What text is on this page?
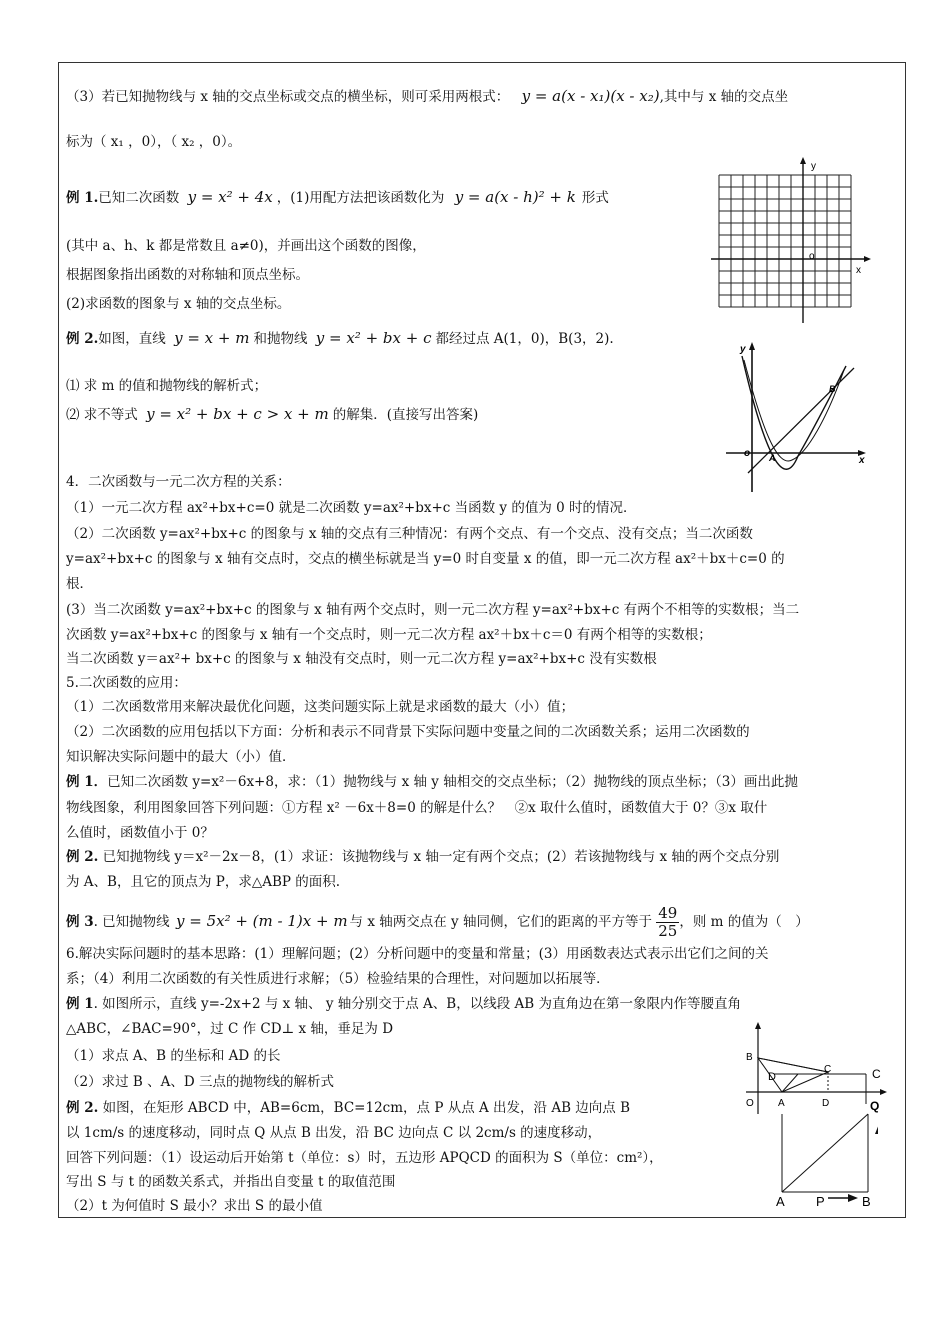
（3）若已知抛物线与 x 轴的交点坐标或交点的横坐标，则可采用两根式： y = a(x - x₁)(x - x₂),其中与 x 轴的交点坐
标为（ x₁ ，0），（ x₂ ，0）。
例 1.已知二次函数 y = x² + 4x ，(1)用配方法把该函数化为 y = a(x - h)² + k 形式
(其中 a、h、k 都是常数且 a≠0)，并画出这个函数的图像，
根据图象指出函数的对称轴和顶点坐标。
(2)求函数的图象与 x 轴的交点坐标。
y
x
o
例 2.如图，直线 y = x + m 和抛物线 y = x² + bx + c 都经过点 A(1，0)，B(3，2).
⑴ 求 m 的值和抛物线的解析式；
⑵ 求不等式 y = x² + bx + c > x + m 的解集．(直接写出答案)
y
x
o A
B
4．二次函数与一元二次方程的关系：
（1）一元二次方程 ax²+bx+c=0 就是二次函数 y=ax²+bx+c 当函数 y 的值为 0 时的情况．
（2）二次函数 y=ax²+bx+c 的图象与 x 轴的交点有三种情况：有两个交点、有一个交点、没有交点；当二次函数
y=ax²+bx+c 的图象与 x 轴有交点时，交点的横坐标就是当 y=0 时自变量 x 的值，即一元二次方程 ax²＋bx＋c=0 的
根．
(3）当二次函数 y=ax²+bx+c 的图象与 x 轴有两个交点时，则一元二次方程 y=ax²+bx+c 有两个不相等的实数根；当二
次函数 y=ax²+bx+c 的图象与 x 轴有一个交点时，则一元二次方程 ax²＋bx＋c＝0 有两个相等的实数根；
当二次函数 y＝ax²+ bx+c 的图象与 x 轴没有交点时，则一元二次方程 y=ax²+bx+c 没有实数根
5.二次函数的应用：
（1）二次函数常用来解决最优化问题，这类问题实际上就是求函数的最大（小）值；
（2）二次函数的应用包括以下方面：分析和表示不同背景下实际问题中变量之间的二次函数关系；运用二次函数的
知识解决实际问题中的最大（小）值．
例 1．已知二次函数 y=x²－6x+8，求：（1）抛物线与 x 轴 y 轴相交的交点坐标；（2）抛物线的顶点坐标；（3）画出此抛
物线图象，利用图象回答下列问题：①方程 x² －6x＋8=0 的解是什么？　②x 取什么值时，函数值大于 0？③x 取什
么值时，函数值小于 0？
例 2. 已知抛物线 y＝x²－2x－8，(1）求证：该抛物线与 x 轴一定有两个交点；(2）若该抛物线与 x 轴的两个交点分别
为 A、B，且它的顶点为 P，求△ABP 的面积.
例 3. 已知抛物线 y = 5x² + (m - 1)x + m 与 x 轴两交点在 y 轴同侧，它们的距离的平方等于 $\frac{49}{25}$ ，则 m 的值为（　）
6.解决实际问题时的基本思路：(1）理解问题；(2）分析问题中的变量和常量；(3）用函数表达式表示出它们之间的关
系；（4）利用二次函数的有关性质进行求解；（5）检验结果的合理性，对问题加以拓展等．
例 1. 如图所示，直线 y=-2x+2 与 x 轴、 y 轴分别交于点 A、B，以线段 AB 为直角边在第一象限内作等腰直角
△ABC，∠BAC=90°，过 C 作 CD⊥ x 轴，垂足为 D
（1）求点 A、B 的坐标和 AD 的长
（2）求过 B 、A、D 三点的抛物线的解析式
例 2. 如图，在矩形 ABCD 中，AB=6cm，BC=12cm，点 P 从点 A 出发，沿 AB 边向点 B
以 1cm/s 的速度移动，同时点 Q 从点 B 出发，沿 BC 边向点 C 以 2cm/s 的速度移动，
回答下列问题：（1）设运动后开始第 t（单位：s）时，五边形 APQCD 的面积为 S（单位：cm²），
写出 S 与 t 的函数关系式，并指出自变量 t 的取值范围
（2）t 为何值时 S 最小？求出 S 的最小值
B
D
C	C
O A	D	Q
A P	B
